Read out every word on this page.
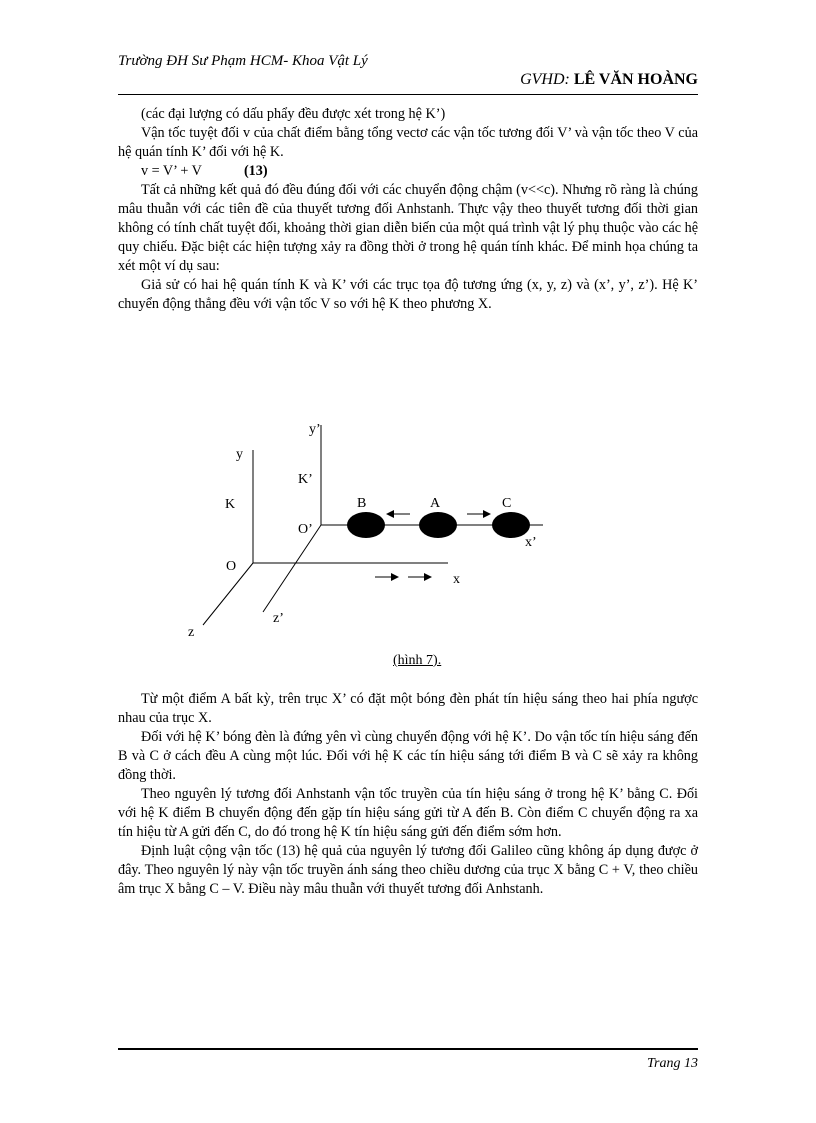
Trường ĐH Sư Phạm HCM- Khoa Vật Lý
GVHD: LÊ VĂN HOÀNG

(các đại lượng có dấu phẩy đều được xét trong hệ K’)

Vận tốc tuyệt đối v của chất điểm bằng tổng vectơ các vận tốc tương đối V’ và vận tốc theo V của hệ quán tính K’ đối với hệ K.

v = V’ + V	(13)

Tất cả những kết quả đó đều đúng đối với các chuyển động chậm (v<<c). Nhưng rõ ràng là chúng mâu thuẫn với các tiên đề của thuyết tương đối Anhstanh. Thực vậy theo thuyết tương đối thời gian không có tính chất tuyệt đối, khoảng thời gian diễn biến của một quá trình vật lý phụ thuộc vào các hệ quy chiếu. Đặc biệt các hiện tượng xảy ra đồng thời ở trong hệ quán tính khác. Để minh họa chúng ta xét một ví dụ sau:

Giả sử có hai hệ quán tính K và K’ với các trục tọa độ tương ứng (x, y, z) và (x’, y’, z’). Hệ K’ chuyển động thẳng đều với vận tốc V so với hệ K theo phương X.

y’
y
K’
K	B	A	C
O’
x’
O
x
z’
z
(hình 7).

Từ một điểm A bất kỳ, trên trục X’ có đặt một bóng đèn phát tín hiệu sáng theo hai phía ngược nhau của trục X.

Đối với hệ K’ bóng đèn là đứng yên vì cùng chuyển động với hệ K’. Do vận tốc tín hiệu sáng đến B và C ở cách đều A cùng một lúc. Đối với hệ K các tín hiệu sáng tới điểm B và C sẽ xảy ra không đồng thời.

Theo nguyên lý tương đối Anhstanh vận tốc truyền của tín hiệu sáng ở trong hệ K’ bằng C. Đối với hệ K điểm B chuyển động đến gặp tín hiệu sáng gửi từ A đến B. Còn điểm C chuyển động ra xa tín hiệu từ A gửi đến C, do đó trong hệ K tín hiệu sáng gửi đến điểm sớm hơn.

Định luật cộng vận tốc (13) hệ quả của nguyên lý tương đối Galileo cũng không áp dụng được ở đây. Theo nguyên lý này vận tốc truyền ánh sáng theo chiều dương của trục X bằng C + V, theo chiều âm trục X bằng C – V. Điều này mâu thuẫn với thuyết tương đối Anhstanh.

Trang 13
